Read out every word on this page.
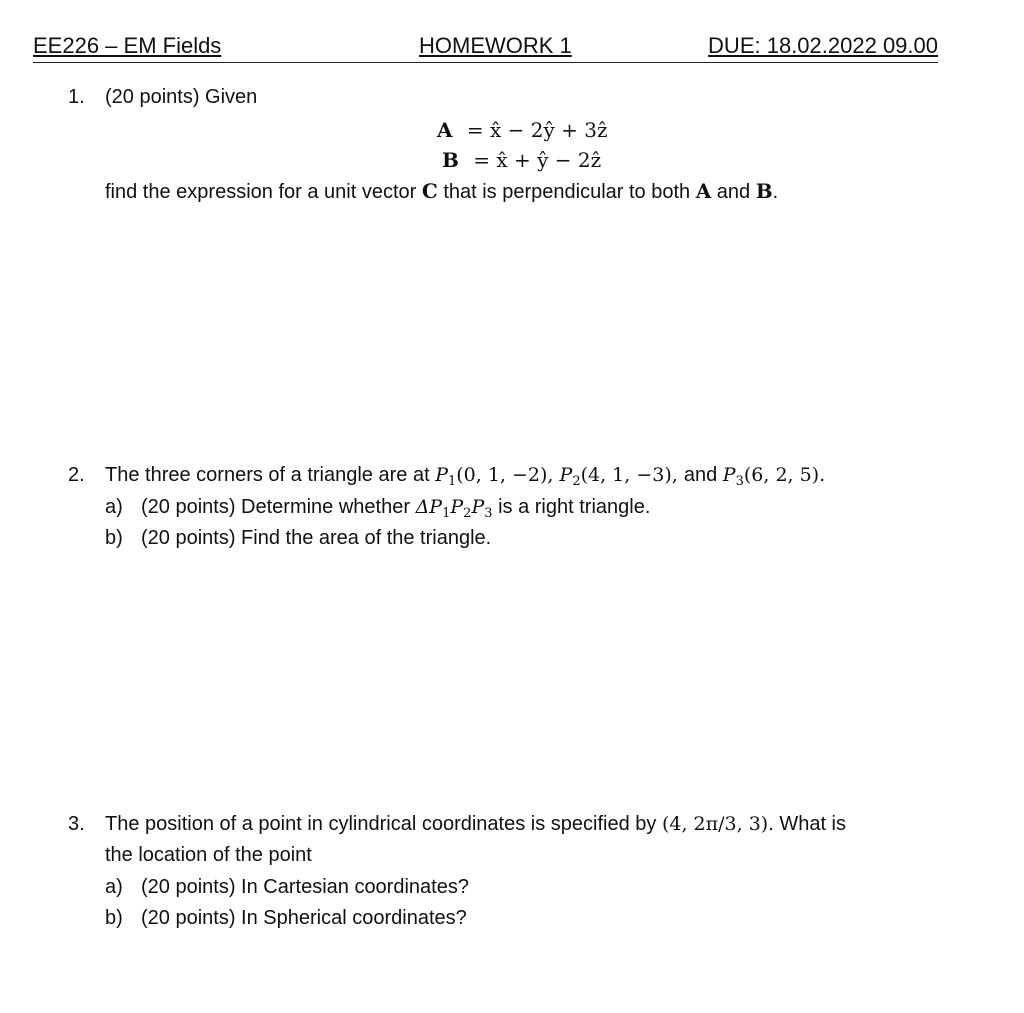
EE226 – EM Fields	HOMEWORK 1	DUE: 18.02.2022 09.00
1. (20 points) Given
A = x̂ − 2ŷ + 3ẑ
B = x̂ + ŷ − 2ẑ
find the expression for a unit vector C that is perpendicular to both A and B.
2. The three corners of a triangle are at $P_1(0$, 1, −2), $P_2(4$, 1, −3), and $P_3(6$, 2, 5).
a) (20 points) Determine whether $\Delta P_1P_2P_3$ is a right triangle.
b) (20 points) Find the area of the triangle.
3. The position of a point in cylindrical coordinates is specified by (4, 2π/3, 3). What is
the location of the point
a) (20 points) In Cartesian coordinates?
b) (20 points) In Spherical coordinates?
